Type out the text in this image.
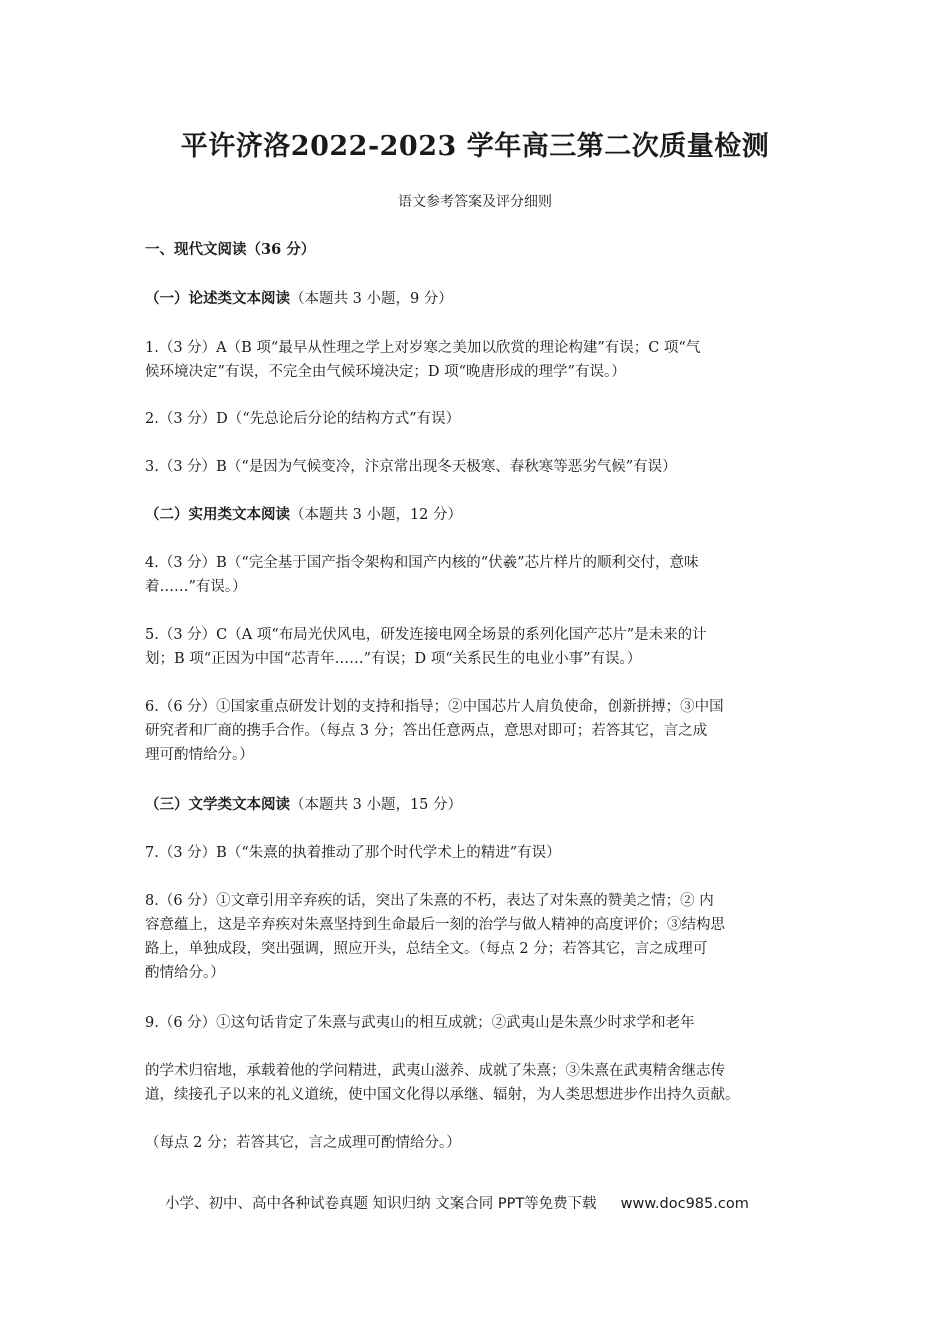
平许济洛2022-2023 学年高三第二次质量检测
语文参考答案及评分细则
一、现代文阅读（36 分）
（一）论述类文本阅读（本题共 3 小题，9 分）
1.（3 分）A（B 项“最早从性理之学上对岁寒之美加以欣赏的理论构建”有误；C 项“气
候环境决定”有误，不完全由气候环境决定；D 项“晚唐形成的理学”有误。）
2.（3 分）D（“先总论后分论的结构方式”有误）
3.（3 分）B（“是因为气候变冷，汴京常出现冬天极寒、春秋寒等恶劣气候”有误）
（二）实用类文本阅读（本题共 3 小题，12 分）
4.（3 分）B（“完全基于国产指令架构和国产内核的“伏羲”芯片样片的顺利交付，意味
着……”有误。）
5.（3 分）C（A 项“布局光伏风电，研发连接电网全场景的系列化国产芯片”是未来的计
划；B 项“正因为中国“芯青年……”有误；D 项“关系民生的电业小事”有误。）
6.（6 分）①国家重点研发计划的支持和指导；②中国芯片人肩负使命，创新拼搏；③中国
研究者和厂商的携手合作。（每点 3 分；答出任意两点，意思对即可；若答其它，言之成
理可酌情给分。）
（三）文学类文本阅读（本题共 3 小题，15 分）
7.（3 分）B（“朱熹的执着推动了那个时代学术上的精进”有误）
8.（6 分）①文章引用辛弃疾的话，突出了朱熹的不朽，表达了对朱熹的赞美之情；② 内
容意蕴上，这是辛弃疾对朱熹坚持到生命最后一刻的治学与做人精神的高度评价；③结构思
路上，单独成段，突出强调，照应开头，总结全文。（每点 2 分；若答其它，言之成理可
酌情给分。）
9.（6 分）①这句话肯定了朱熹与武夷山的相互成就；②武夷山是朱熹少时求学和老年
的学术归宿地，承载着他的学问精进，武夷山滋养、成就了朱熹；③朱熹在武夷精舍继志传
道，续接孔子以来的礼义道统，使中国文化得以承继、辐射，为人类思想进步作出持久贡献。
（每点 2 分；若答其它，言之成理可酌情给分。）
小学、初中、高中各种试卷真题 知识归纳 文案合同 PPT等免费下载 www.doc985.com
